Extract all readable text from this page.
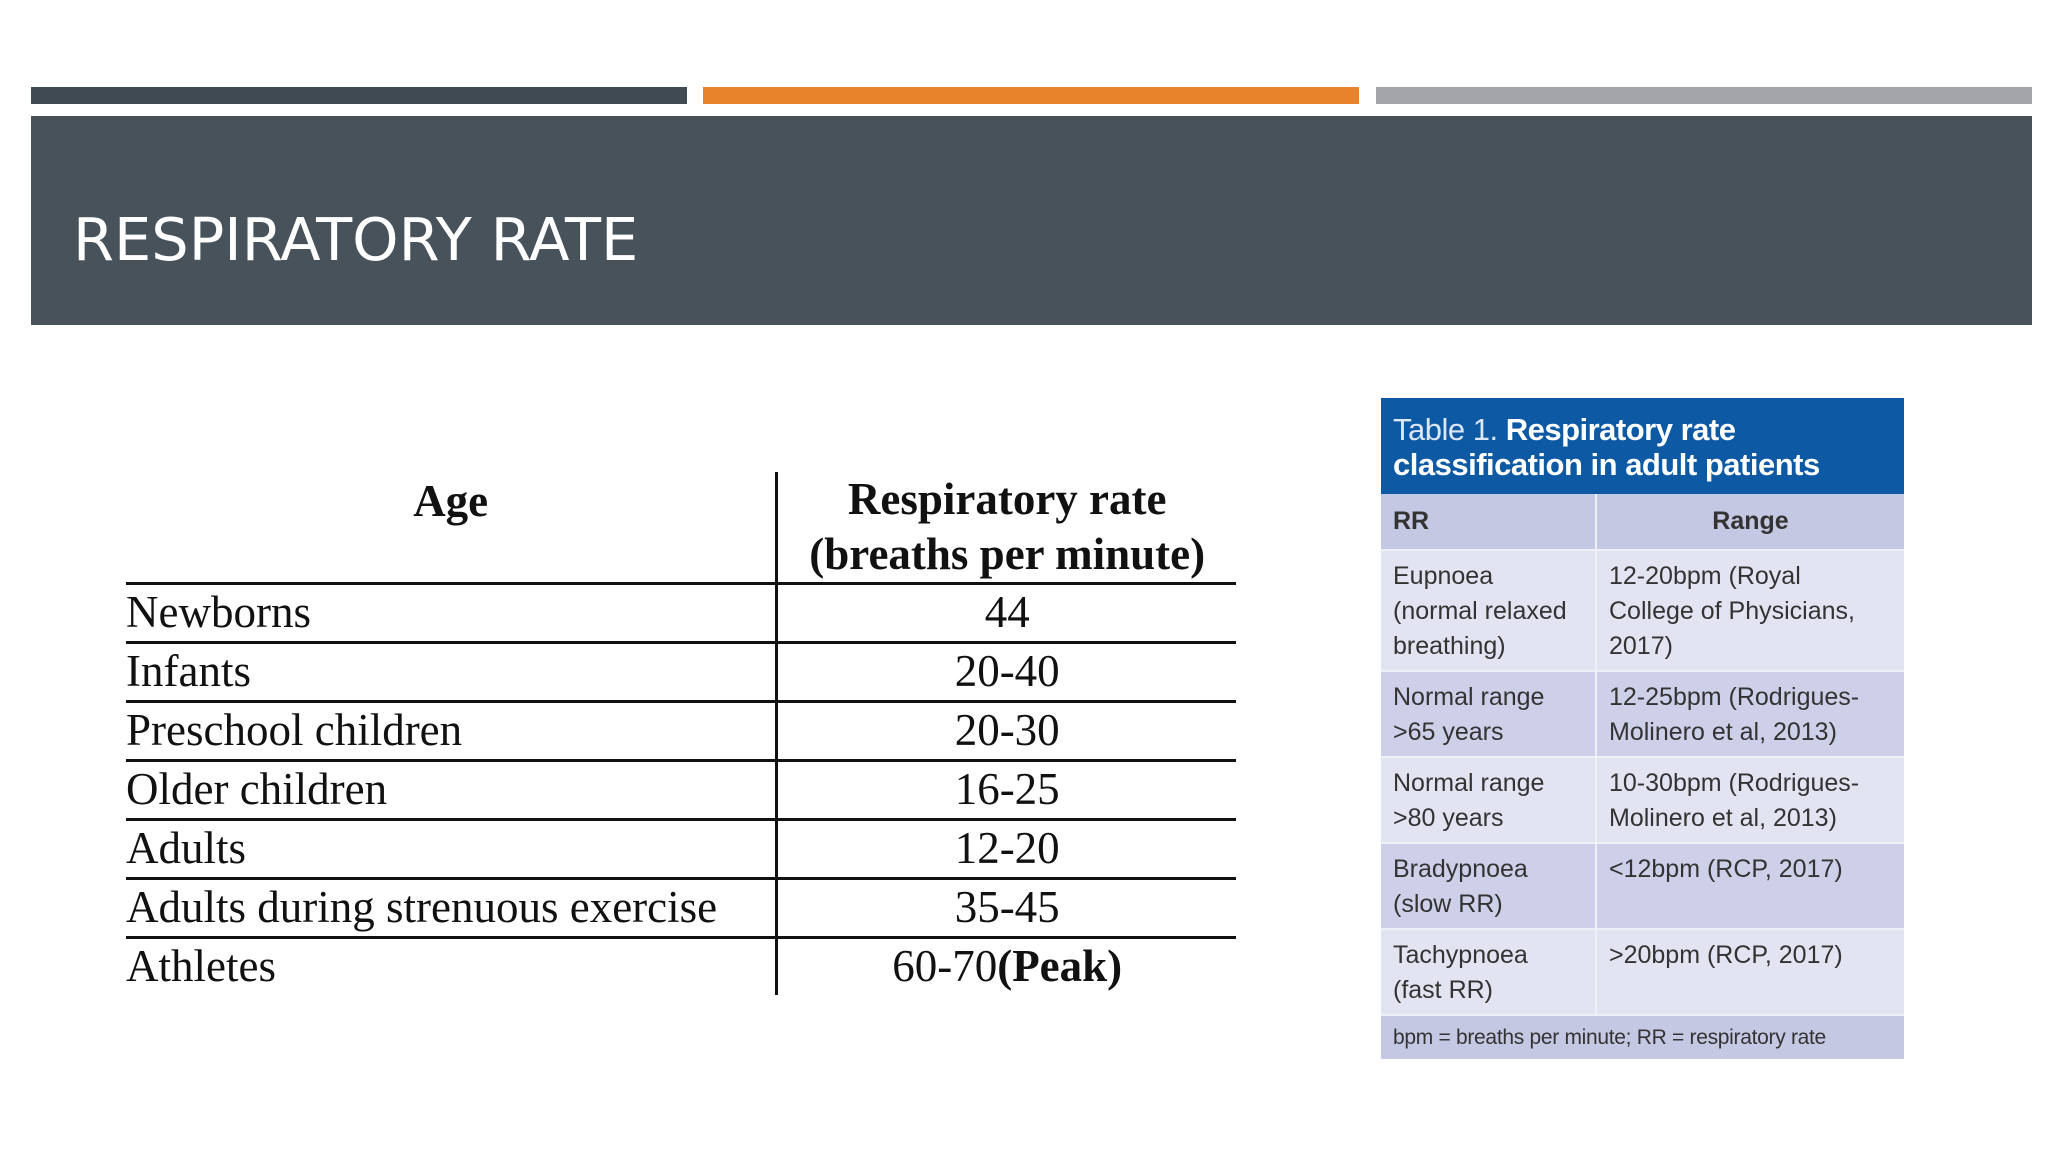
RESPIRATORY RATE
Age	Respiratory rate
(breaths per minute)
Newborns	44
Infants	20-40
Preschool children	20-30
Older children	16-25
Adults	12-20
Adults during strenuous exercise	35-45
Athletes	60-70(Peak)
Table 1. Respiratory rate classification in adult patients
RR	Range
Eupnoea (normal relaxed breathing)	12-20bpm (Royal College of Physicians, 2017)
Normal range >65 years	12-25bpm (Rodrigues-Molinero et al, 2013)
Normal range >80 years	10-30bpm (Rodrigues-Molinero et al, 2013)
Bradypnoea (slow RR)	<12bpm (RCP, 2017)
Tachypnoea (fast RR)	>20bpm (RCP, 2017)
bpm = breaths per minute; RR = respiratory rate
